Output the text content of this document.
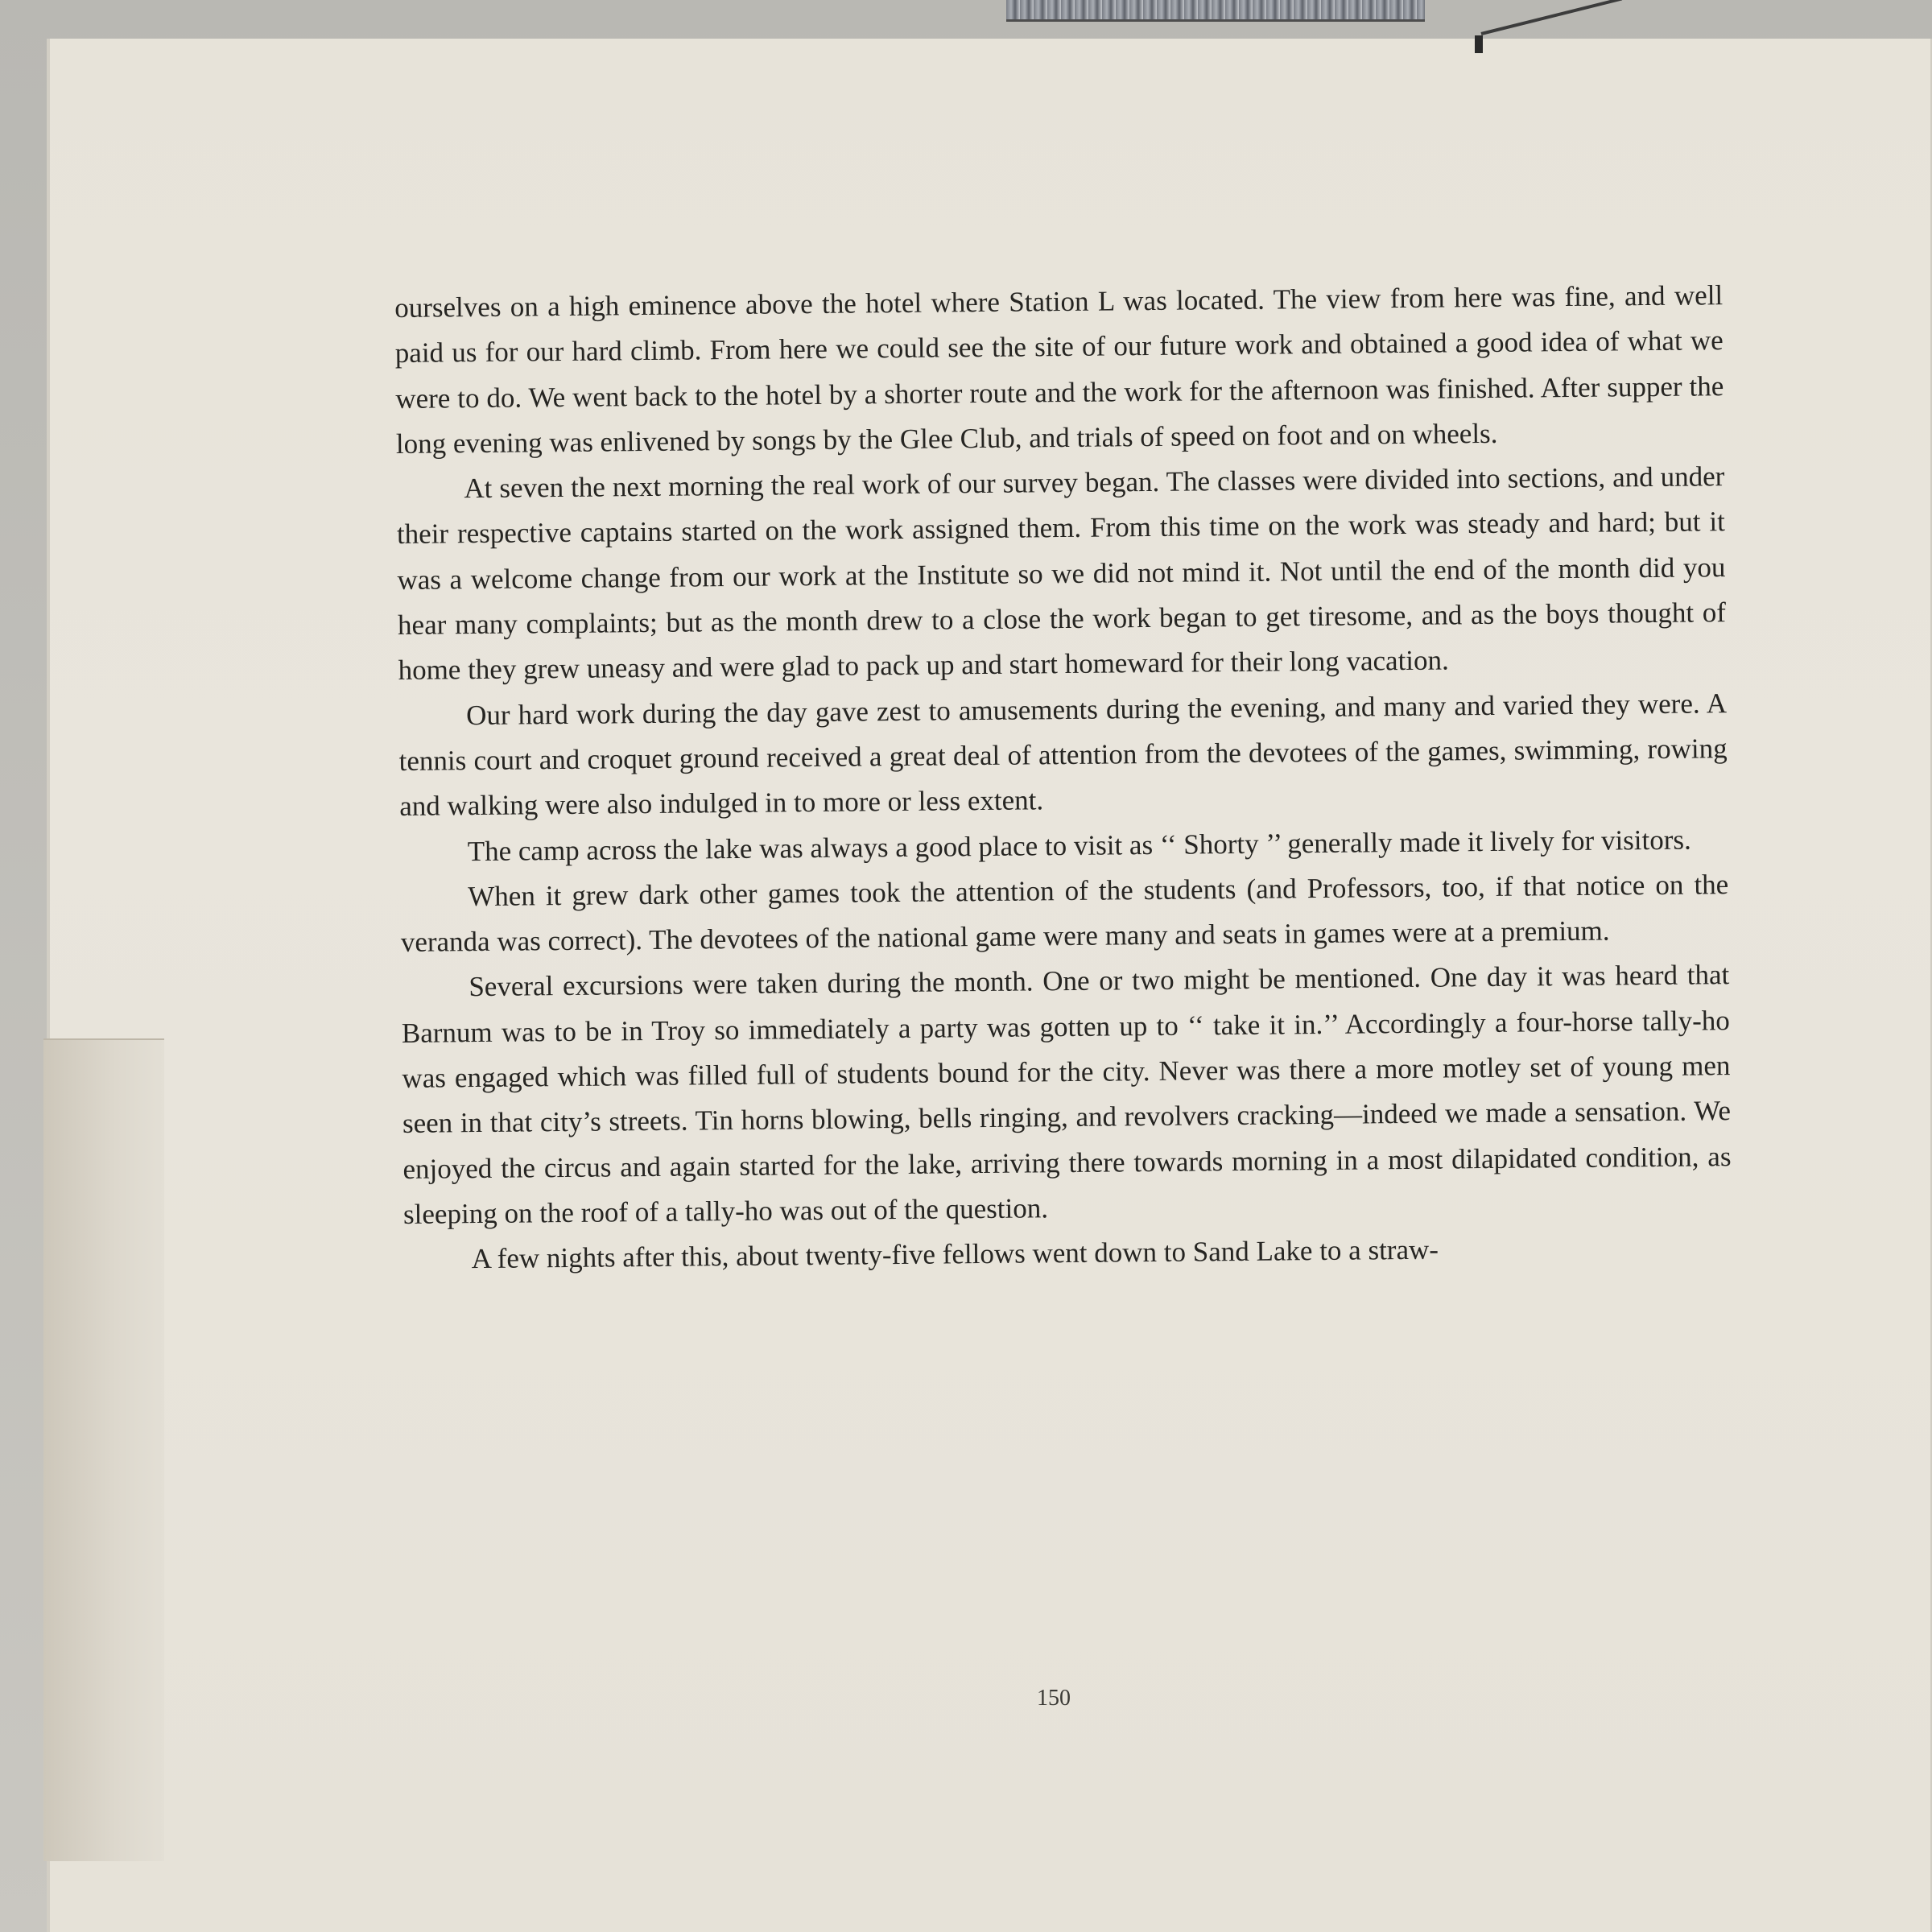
ourselves on a high eminence above the hotel where Station L was located. The view from here was fine, and well paid us for our hard climb. From here we could see the site of our future work and obtained a good idea of what we were to do. We went back to the hotel by a shorter route and the work for the afternoon was finished. After supper the long evening was enlivened by songs by the Glee Club, and trials of speed on foot and on wheels.

At seven the next morning the real work of our survey began. The classes were divided into sections, and under their respective captains started on the work assigned them. From this time on the work was steady and hard; but it was a welcome change from our work at the Institute so we did not mind it. Not until the end of the month did you hear many complaints; but as the month drew to a close the work began to get tiresome, and as the boys thought of home they grew uneasy and were glad to pack up and start homeward for their long vacation.

Our hard work during the day gave zest to amusements during the evening, and many and varied they were. A tennis court and croquet ground received a great deal of attention from the devotees of the games, swimming, rowing and walking were also indulged in to more or less extent.

The camp across the lake was always a good place to visit as ‘‘ Shorty ’’ generally made it lively for visitors.

When it grew dark other games took the attention of the students (and Professors, too, if that notice on the veranda was correct). The devotees of the national game were many and seats in games were at a premium.

Several excursions were taken during the month. One or two might be mentioned. One day it was heard that Barnum was to be in Troy so immediately a party was gotten up to ‘‘ take it in.’’ Accordingly a four-horse tally-ho was engaged which was filled full of students bound for the city. Never was there a more motley set of young men seen in that city’s streets. Tin horns blowing, bells ringing, and revolvers cracking—indeed we made a sensation. We enjoyed the circus and again started for the lake, arriving there towards morning in a most dilapidated condition, as sleeping on the roof of a tally-ho was out of the question.

A few nights after this, about twenty-five fellows went down to Sand Lake to a straw-

150
